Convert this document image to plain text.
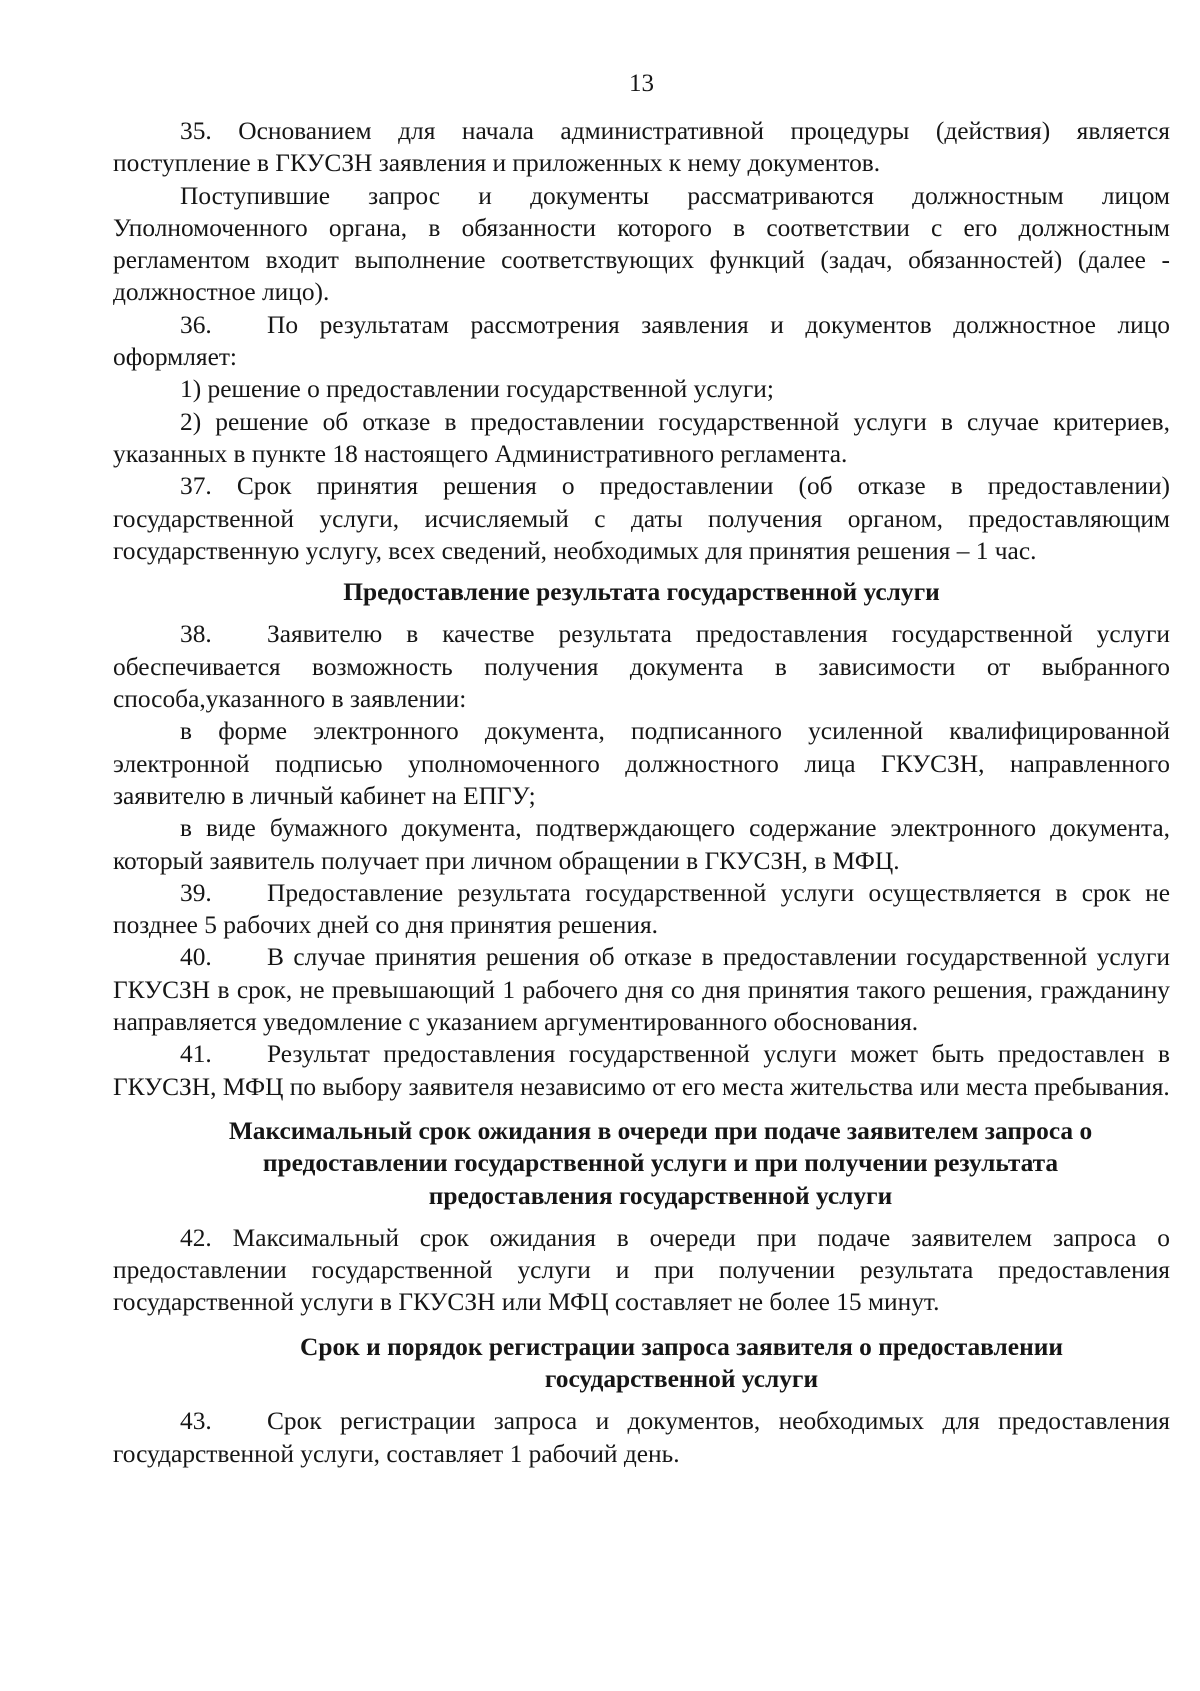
13

35. Основанием для начала административной процедуры (действия) является поступление в ГКУСЗН заявления и приложенных к нему документов.

Поступившие запрос и документы рассматриваются должностным лицом Уполномоченного органа, в обязанности которого в соответствии с его должностным регламентом входит выполнение соответствующих функций (задач, обязанностей) (далее - должностное лицо).

36. По результатам рассмотрения заявления и документов должностное лицо оформляет:

1) решение о предоставлении государственной услуги;

2) решение об отказе в предоставлении государственной услуги в случае критериев, указанных в пункте 18 настоящего Административного регламента.

37. Срок принятия решения о предоставлении (об отказе в предоставлении) государственной услуги, исчисляемый с даты получения органом, предоставляющим государственную услугу, всех сведений, необходимых для принятия решения – 1 час.

Предоставление результата государственной услуги

38. Заявителю в качестве результата предоставления государственной услуги обеспечивается возможность получения документа в зависимости от выбранного способа,указанного в заявлении:

в форме электронного документа, подписанного усиленной квалифицированной электронной подписью уполномоченного должностного лица ГКУСЗН, направленного заявителю в личный кабинет на ЕПГУ;

в виде бумажного документа, подтверждающего содержание электронного документа, который заявитель получает при личном обращении в ГКУСЗН, в МФЦ.

39. Предоставление результата государственной услуги осуществляется в срок не позднее 5 рабочих дней со дня принятия решения.

40. В случае принятия решения об отказе в предоставлении государственной услуги ГКУСЗН в срок, не превышающий 1 рабочего дня со дня принятия такого решения, гражданину направляется уведомление с указанием аргументированного обоснования.

41. Результат предоставления государственной услуги может быть предоставлен в ГКУСЗН, МФЦ по выбору заявителя независимо от его места жительства или места пребывания.

Максимальный срок ожидания в очереди при подаче заявителем запроса о
предоставлении государственной услуги и при получении результата
предоставления государственной услуги

42. Максимальный срок ожидания в очереди при подаче заявителем запроса о предоставлении государственной услуги и при получении результата предоставления государственной услуги в ГКУСЗН или МФЦ составляет не более 15 минут.

Срок и порядок регистрации запроса заявителя о предоставлении
государственной услуги

43. Срок регистрации запроса и документов, необходимых для предоставления государственной услуги, составляет 1 рабочий день.
